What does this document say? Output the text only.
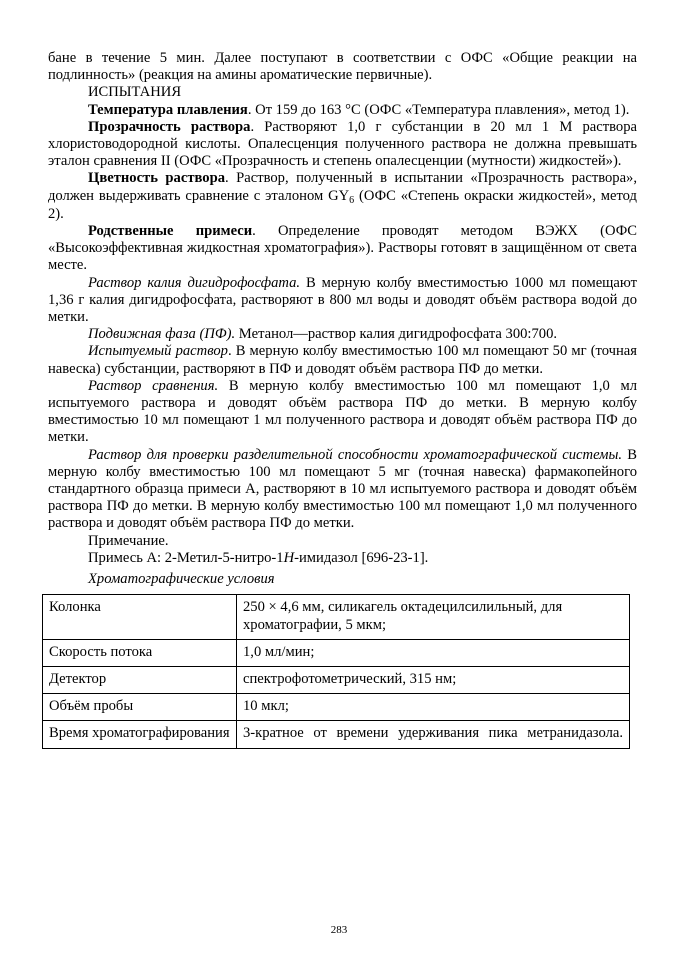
бане в течение 5 мин. Далее поступают в соответствии с ОФС «Общие реакции на подлинность» (реакция на амины ароматические первичные).

ИСПЫТАНИЯ

Температура плавления. От 159 до 163 °C (ОФС «Температура плавления», метод 1).

Прозрачность раствора. Растворяют 1,0 г субстанции в 20 мл 1 М раствора хлористоводородной кислоты. Опалесценция полученного раствора не должна превышать эталон сравнения II (ОФС «Прозрачность и степень опалесценции (мутности) жидкостей»).

Цветность раствора. Раствор, полученный в испытании «Прозрачность раствора», должен выдерживать сравнение с эталоном $GY_6$ (ОФС «Степень окраски жидкостей», метод 2).

Родственные примеси. Определение проводят методом ВЭЖХ (ОФС «Высокоэффективная жидкостная хроматография»). Растворы готовят в защищённом от света месте.

Раствор калия дигидрофосфата. В мерную колбу вместимостью 1000 мл помещают 1,36 г калия дигидрофосфата, растворяют в 800 мл воды и доводят объём раствора водой до метки.

Подвижная фаза (ПФ). Метанол—раствор калия дигидрофосфата 300:700.

Испытуемый раствор. В мерную колбу вместимостью 100 мл помещают 50 мг (точная навеска) субстанции, растворяют в ПФ и доводят объём раствора ПФ до метки.

Раствор сравнения. В мерную колбу вместимостью 100 мл помещают 1,0 мл испытуемого раствора и доводят объём раствора ПФ до метки. В мерную колбу вместимостью 10 мл помещают 1 мл полученного раствора и доводят объём раствора ПФ до метки.

Раствор для проверки разделительной способности хроматографической системы. В мерную колбу вместимостью 100 мл помещают 5 мг (точная навеска) фармакопейного стандартного образца примеси А, растворяют в 10 мл испытуемого раствора и доводят объём раствора ПФ до метки. В мерную колбу вместимостью 100 мл помещают 1,0 мл полученного раствора и доводят объём раствора ПФ до метки.

Примечание.

Примесь А: 2-Метил-5-нитро-1H-имидазол [696-23-1].

Хроматографические условия

Колонка	250 × 4,6 мм, силикагель октадецилсилильный, для хроматографии, 5 мкм;
Скорость потока	1,0 мл/мин;
Детектор	спектрофотометрический, 315 нм;
Объём пробы	10 мкл;
Время хроматографирования	3-кратное от времени удерживания пика метранидазола.
283
